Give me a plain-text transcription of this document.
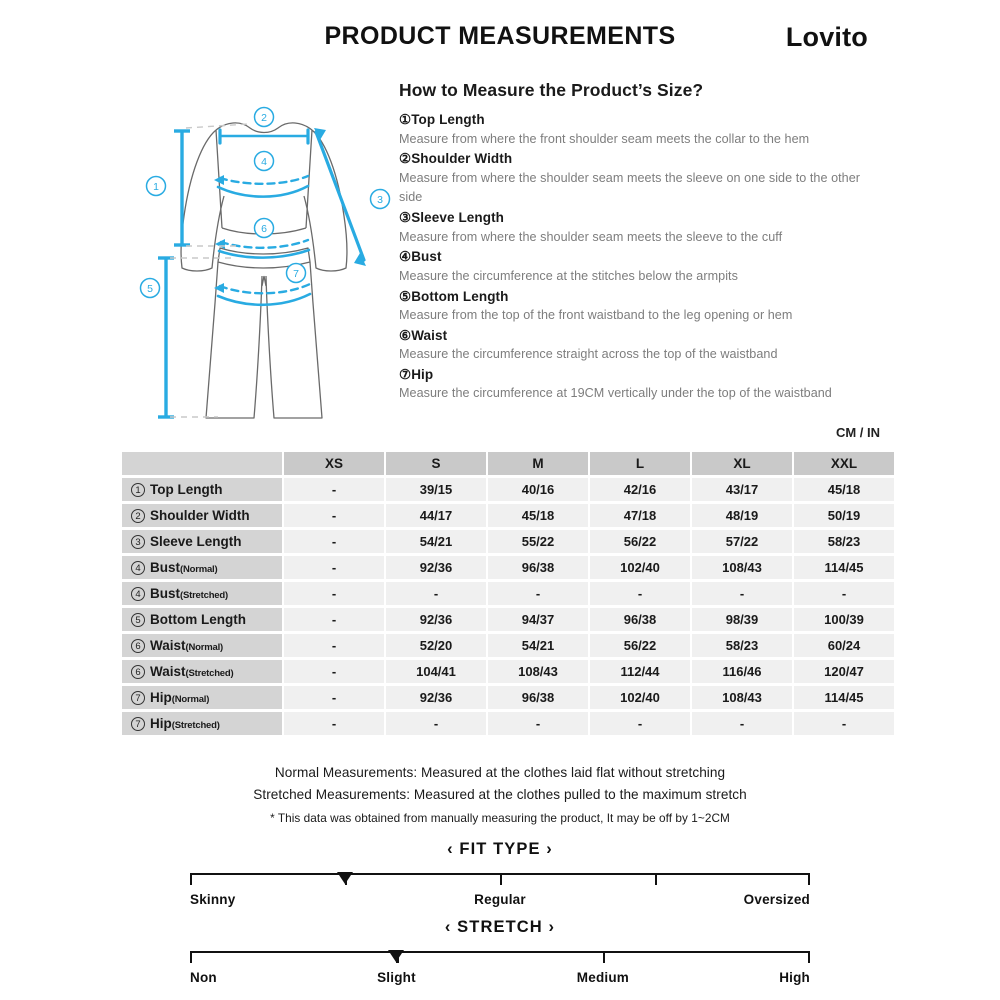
PRODUCT MEASUREMENTS	Lovito
1
2
3
4
5
6
7
How to Measure the Product’s Size?
①Top Length
Measure from where the front shoulder seam meets the collar to the hem
②Shoulder Width
Measure from where the shoulder seam meets the sleeve on one side to the other side
③Sleeve Length
Measure from where the shoulder seam meets the sleeve to the cuff
④Bust
Measure the circumference at the stitches below the armpits
⑤Bottom Length
Measure from the top of the front waistband to the leg opening or hem
⑥Waist
Measure the circumference straight across the top of the waistband
⑦Hip
Measure the circumference at 19CM vertically under the top of the waistband
CM / IN
	XS	S	M	L	XL	XXL
1 Top Length	-	39/15	40/16	42/16	43/17	45/18
2 Shoulder Width	-	44/17	45/18	47/18	48/19	50/19
3 Sleeve Length	-	54/21	55/22	56/22	57/22	58/23
4 Bust(Normal)	-	92/36	96/38	102/40	108/43	114/45
4 Bust(Stretched)	-	-	-	-	-	-
5 Bottom Length	-	92/36	94/37	96/38	98/39	100/39
6 Waist(Normal)	-	52/20	54/21	56/22	58/23	60/24
6 Waist(Stretched)	-	104/41	108/43	112/44	116/46	120/47
7 Hip(Normal)	-	92/36	96/38	102/40	108/43	114/45
7 Hip(Stretched)	-	-	-	-	-	-
Normal Measurements: Measured at the clothes laid flat without stretching
Stretched Measurements: Measured at the clothes pulled to the maximum stretch
* This data was obtained from manually measuring the product, It may be off by 1~2CM
‹ FIT TYPE ›
Skinny	Regular	Oversized
‹ STRETCH ›
Non	Slight	Medium	High
